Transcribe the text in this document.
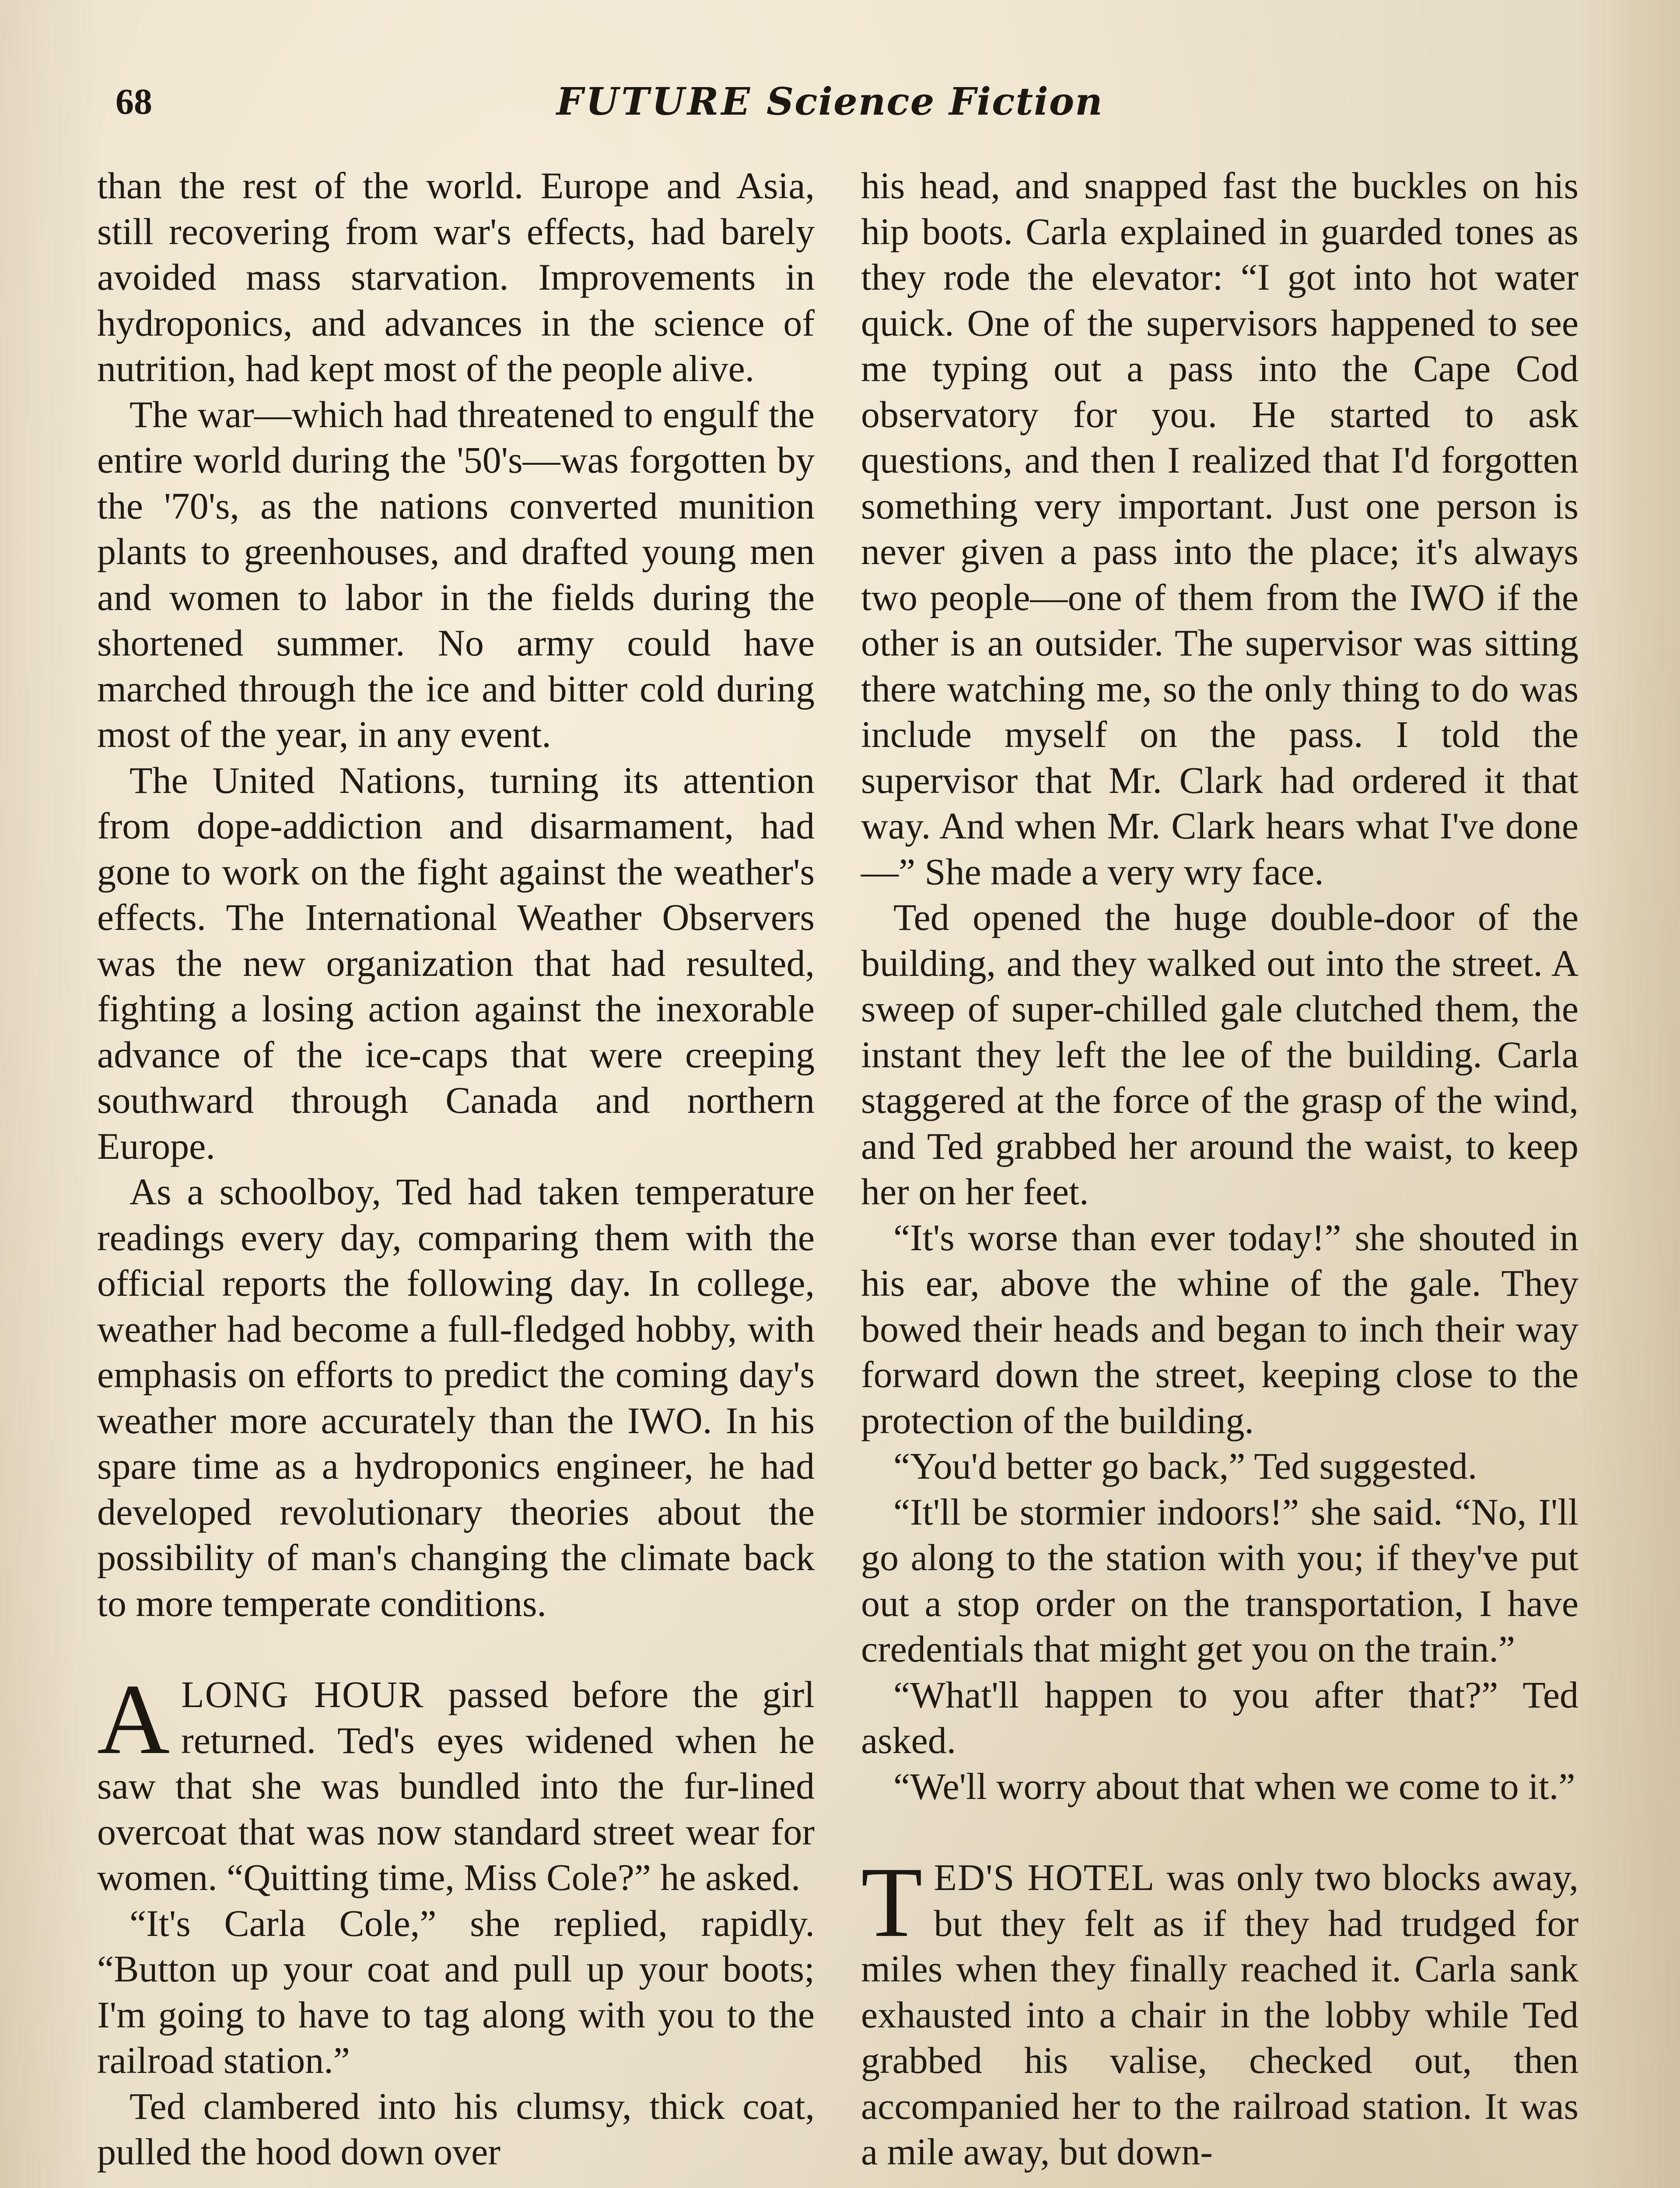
68	FUTURE Science Fiction

than the rest of the world. Europe and Asia, still recovering from war's effects, had barely avoided mass starvation. Improvements in hydroponics, and advances in the science of nutrition, had kept most of the people alive.

The war—which had threatened to engulf the entire world during the '50's—was forgotten by the '70's, as the nations converted munition plants to greenhouses, and drafted young men and women to labor in the fields during the shortened summer. No army could have marched through the ice and bitter cold during most of the year, in any event.

The United Nations, turning its attention from dope-addiction and disarmament, had gone to work on the fight against the weather's effects. The International Weather Observers was the new organization that had resulted, fighting a losing action against the inexorable advance of the ice-caps that were creeping southward through Canada and northern Europe.

As a schoolboy, Ted had taken temperature readings every day, comparing them with the official reports the following day. In college, weather had become a full-fledged hobby, with emphasis on efforts to predict the coming day's weather more accurately than the IWO. In his spare time as a hydroponics engineer, he had developed revolutionary theories about the possibility of man's changing the climate back to more temperate conditions.

ALONG HOUR passed before the girl returned. Ted's eyes widened when he saw that she was bundled into the fur-lined overcoat that was now standard street wear for women. “Quitting time, Miss Cole?” he asked.

“It's Carla Cole,” she replied, rapidly. “Button up your coat and pull up your boots; I'm going to have to tag along with you to the railroad station.”

Ted clambered into his clumsy, thick coat, pulled the hood down over

his head, and snapped fast the buckles on his hip boots. Carla explained in guarded tones as they rode the elevator: “I got into hot water quick. One of the supervisors happened to see me typing out a pass into the Cape Cod observatory for you. He started to ask questions, and then I realized that I'd forgotten something very important. Just one person is never given a pass into the place; it's always two people—one of them from the IWO if the other is an outsider. The supervisor was sitting there watching me, so the only thing to do was include myself on the pass. I told the supervisor that Mr. Clark had ordered it that way. And when Mr. Clark hears what I've done—” She made a very wry face.

Ted opened the huge double-door of the building, and they walked out into the street. A sweep of super-chilled gale clutched them, the instant they left the lee of the building. Carla staggered at the force of the grasp of the wind, and Ted grabbed her around the waist, to keep her on her feet.

“It's worse than ever today!” she shouted in his ear, above the whine of the gale. They bowed their heads and began to inch their way forward down the street, keeping close to the protection of the building.

“You'd better go back,” Ted suggested.

“It'll be stormier indoors!” she said. “No, I'll go along to the station with you; if they've put out a stop order on the transportation, I have credentials that might get you on the train.”

“What'll happen to you after that?” Ted asked.

“We'll worry about that when we come to it.”

TED'S HOTEL was only two blocks away, but they felt as if they had trudged for miles when they finally reached it. Carla sank exhausted into a chair in the lobby while Ted grabbed his valise, checked out, then accompanied her to the railroad station. It was a mile away, but down-
